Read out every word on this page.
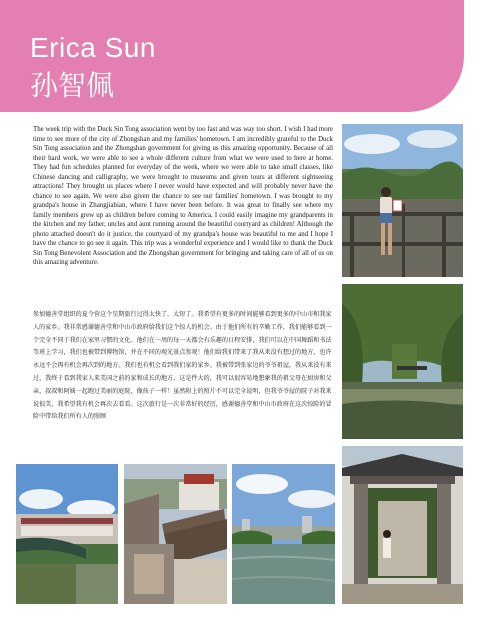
Erica Sun
孙智佩

The week trip with the Duck Sin Tong association went by too fast and was way too short. I wish I had more time to see more of the city of Zhongshan and my families' hometown. I am incredibly grateful to the Duck Sin Tong association and the Zhongshan government for giving us this amazing opportunity. Because of all their hard work, we were able to see a whole different culture from what we were used to here at home. They had fun schedules planned for everyday of the week, where we were able to take small classes, like Chinese dancing and calligraphy, we were brought to museums and given tours at different sightseeing attractions! They brought us places where I never would have expected and will probably never have the chance to see again. We were also given the chance to see our families' hometown. I was brought to my grandpa's house in Zhangjiabian, where I have never been before. It was great to finally see where my family members grew up as children before coming to America. I could easily imagine my grandparents in the kitchen and my father, uncles and aunt running around the beautiful courtyard as children! Although the photo attached doesn't do it justice, the courtyard of my grandpa's house was beautiful to me and I hope I have the chance to go see it again. This trip was a wonderful experience and I would like to thank the Duck Sin Tong Benevolent Association and the Zhongshan government for bringing and taking care of all of us on this amazing adventure.

参加德善堂组织的夏令营这个星期旅行过得太快了，太短了。我希望有更多的时间能够看到更多的中山市和我家人的家乡。我非常感谢德善堂和中山市政府给我们这个惊人的机会。由于他们所有的辛勤工作，我们能够看到一个完全不同于我们在家里习惯的文化。他们在一周的每一天都会有乐趣的日程安排，我们可以在中国舞蹈和书法等班上学习，我们也被带到博物馆，并在不同的观光景点参观！他们给我们带来了我从来没有想过的地方，也许永远不会再有机会再次到的地方。我们也有机会看到我们家的家乡。我被带到张家边的爷爷祖屋，我从来没有来过，我终于看到我家人来美国之前的家和成长的地方，这是件大的，我可以很容易地想象我的祖父母在厨房和父亲，叔叔和阿姨一起跑过美丽的庭院，像孩子一样！虽然附上的照片不可以完全说明，但我爷爷屋的院子对我来说很美，我希望我有机会再次去看看。这次旅行是一次非常好的经历，感谢德善堂和中山市政府在这次惊险的冒险中带给我们所有人的照顾
